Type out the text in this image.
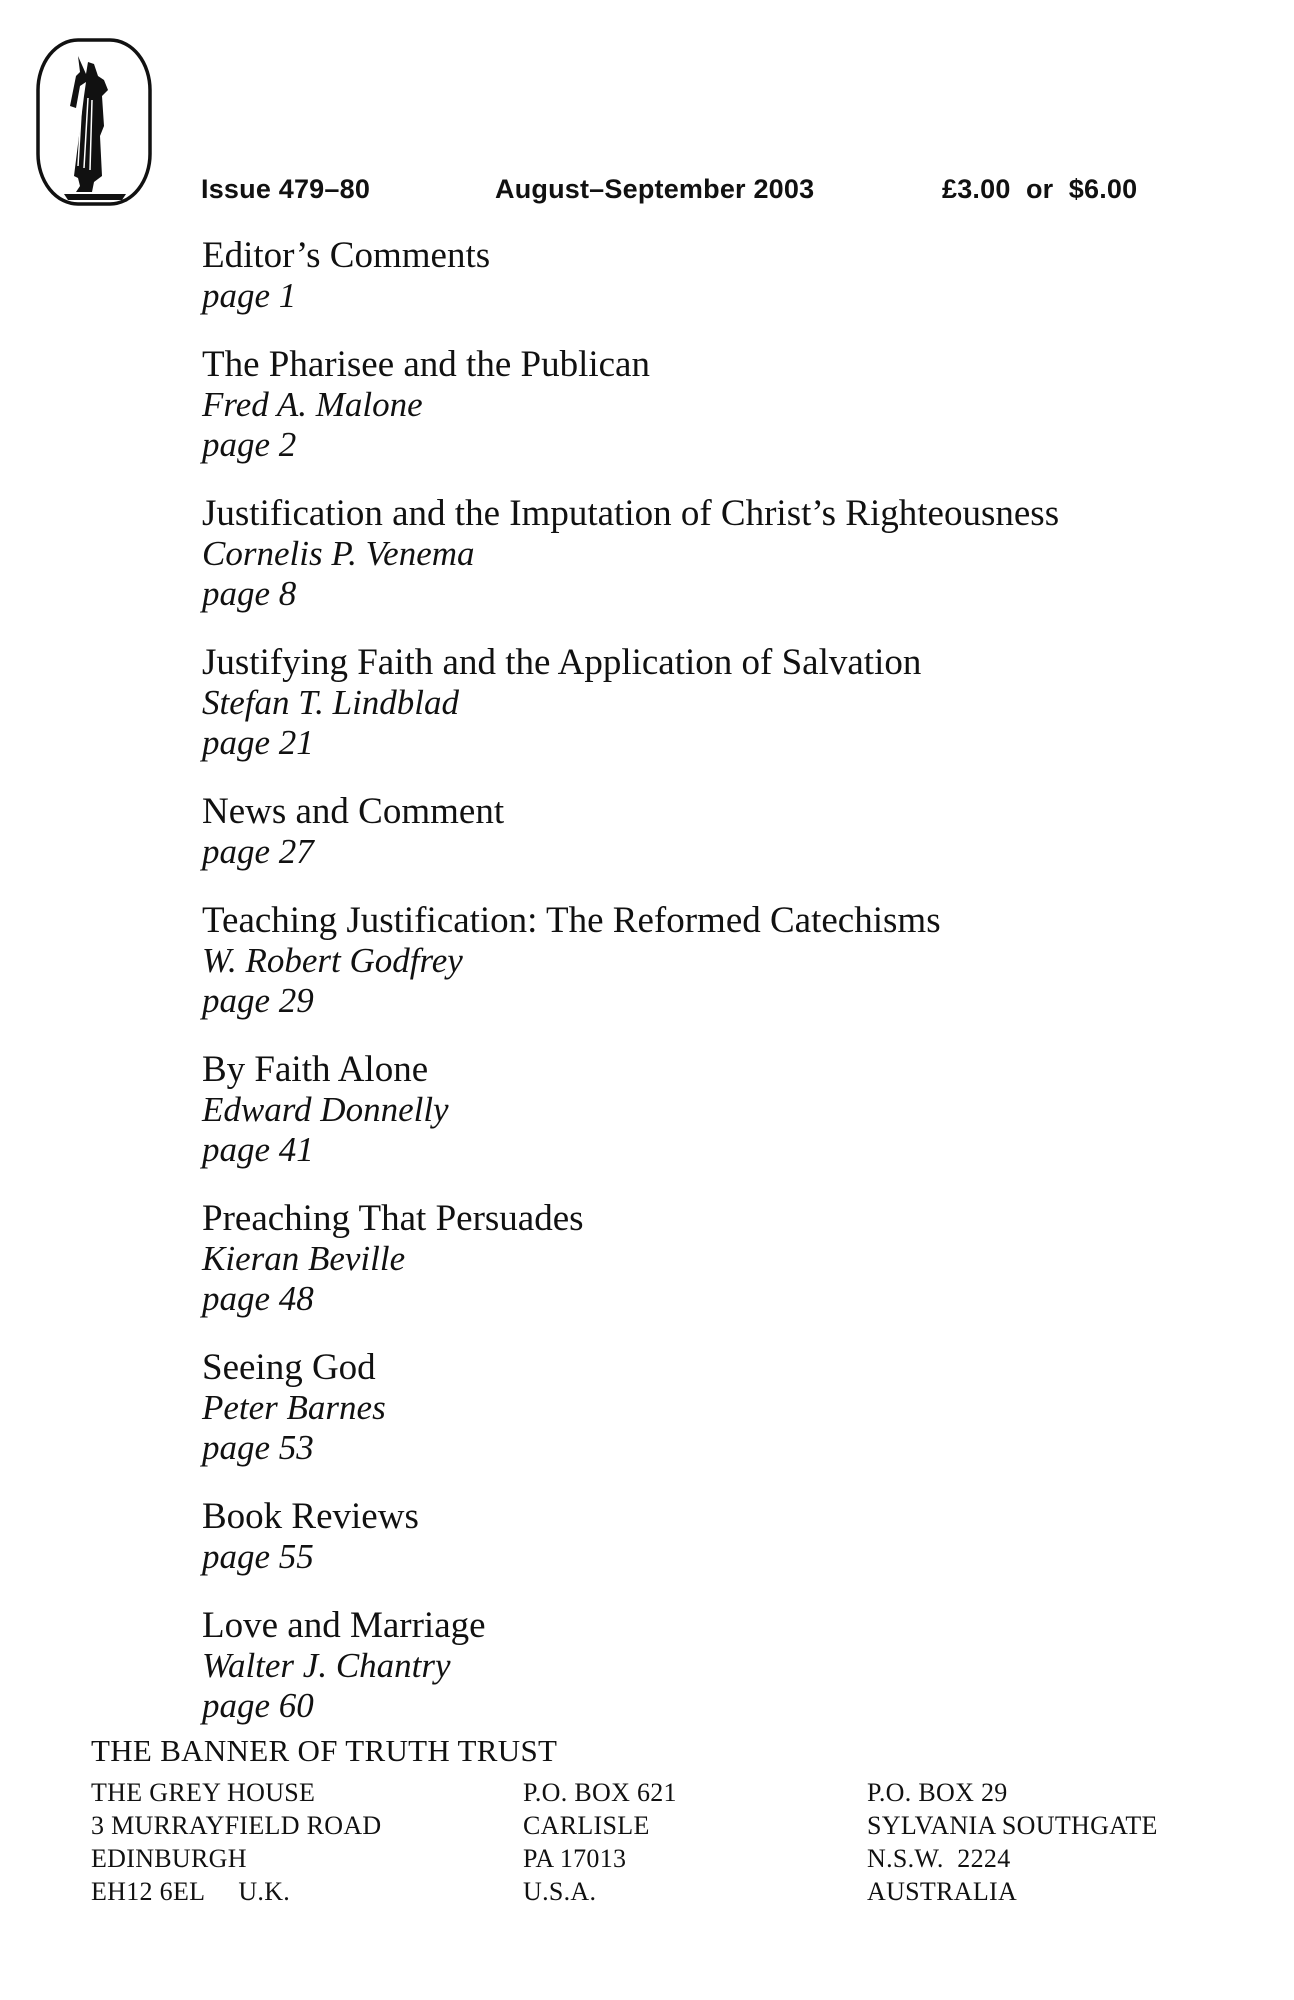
Issue 479–80	August–September 2003	£3.00  or  $6.00
Editor’s Comments
page 1
The Pharisee and the Publican
Fred A. Malone
page 2
Justification and the Imputation of Christ’s Righteousness
Cornelis P. Venema
page 8
Justifying Faith and the Application of Salvation
Stefan T. Lindblad
page 21
News and Comment
page 27
Teaching Justification: The Reformed Catechisms
W. Robert Godfrey
page 29
By Faith Alone
Edward Donnelly
page 41
Preaching That Persuades
Kieran Beville
page 48
Seeing God
Peter Barnes
page 53
Book Reviews
page 55
Love and Marriage
Walter J. Chantry
page 60
THE BANNER OF TRUTH TRUST
THE GREY HOUSE
3 MURRAYFIELD ROAD
EDINBURGH
EH12 6EL     U.K.
P.O. BOX 621
CARLISLE
PA 17013
U.S.A.
P.O. BOX 29
SYLVANIA SOUTHGATE
N.S.W.  2224
AUSTRALIA
